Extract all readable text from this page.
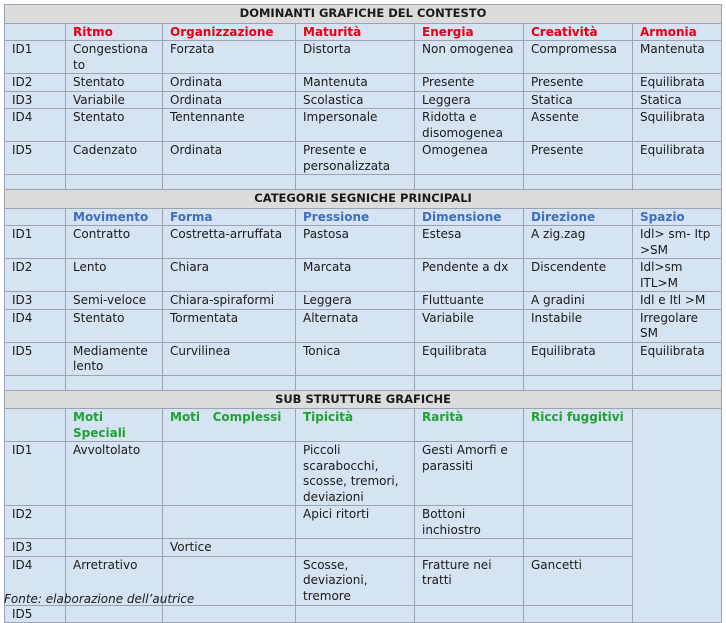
DOMINANTI GRAFICHE DEL CONTESTO						
	Ritmo	Organizzazione	Maturità	Energia	Creatività	Armonia
ID1	Congestiona to	Forzata	Distorta	Non omogenea	Compromessa	Mantenuta
ID2	Stentato	Ordinata	Mantenuta	Presente	Presente	Equilibrata
ID3	Variabile	Ordinata	Scolastica	Leggera	Statica	Statica
ID4	Stentato	Tentennante	Impersonale	Ridotta e disomogenea	Assente	Squilibrata
ID5	Cadenzato	Ordinata	Presente e personalizzata	Omogenea	Presente	Equilibrata

CATEGORIE SEGNICHE PRINCIPALI						
	Movimento	Forma	Pressione	Dimensione	Direzione	Spazio
ID1	Contratto	Costretta-arruffata	Pastosa	Estesa	A zig.zag	Idl> sm- Itp >SM
ID2	Lento	Chiara	Marcata	Pendente a dx	Discendente	Idl>sm ITL>M
ID3	Semi-veloce	Chiara-spiraformi	Leggera	Fluttuante	A gradini	Idl e Itl >M
ID4	Stentato	Tormentata	Alternata	Variabile	Instabile	Irregolare SM
ID5	Mediamente lento	Curvilinea	Tonica	Equilibrata	Equilibrata	Equilibrata

SUB STRUTTURE GRAFICHE						
	Moti Speciali	Moti   Complessi	Tipicità	Rarità	Ricci fuggitivi	
ID1	Avvoltolato		Piccoli scarabocchi, scosse, tremori, deviazioni	Gesti Amorfi e parassiti		
ID2			Apici ritorti	Bottoni inchiostro		
ID3		Vortice				
ID4	Arretrativo		Scosse, deviazioni, tremore	Fratture nei tratti	Gancetti	
ID5						
Fonte: elaborazione dell’autrice
